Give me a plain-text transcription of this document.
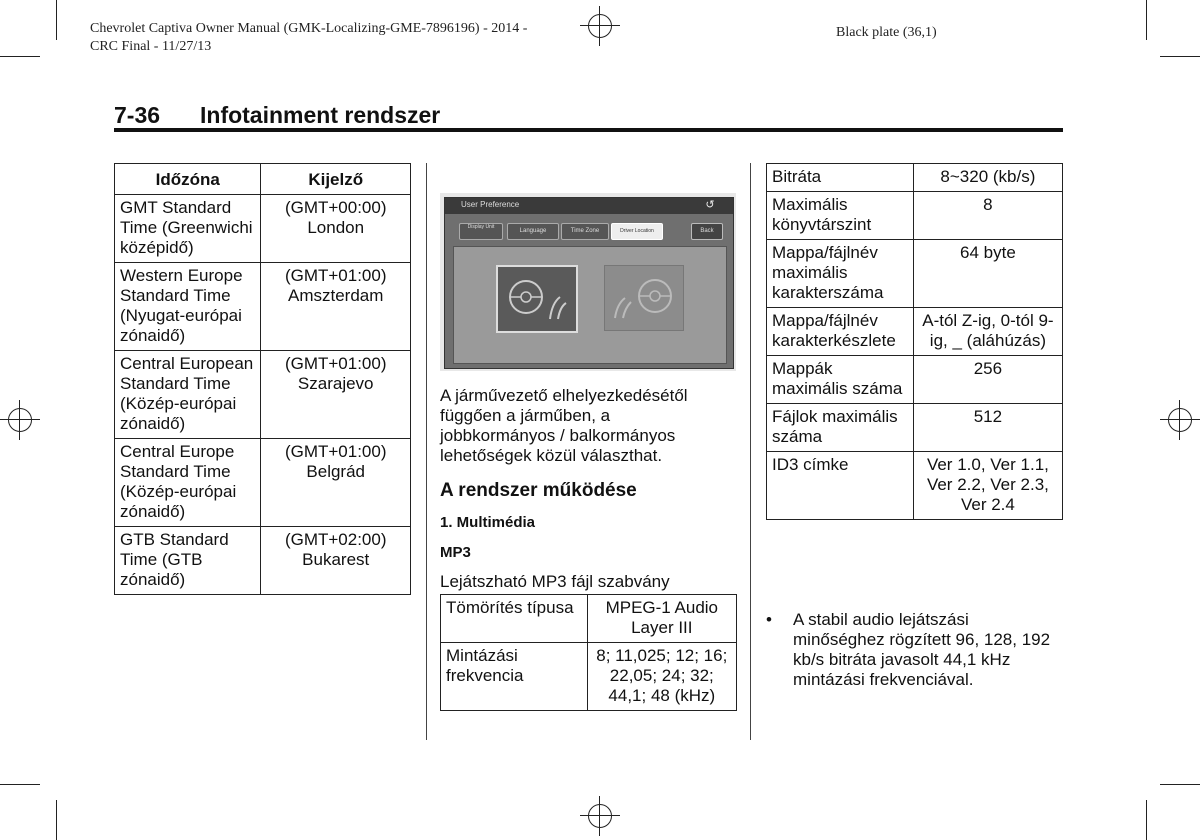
Chevrolet Captiva Owner Manual (GMK-Localizing-GME-7896196) - 2014 -
CRC Final - 11/27/13
Black plate (36,1)
7-36 Infotainment rendszer
Időzóna	Kijelző
GMT Standard Time (Greenwichi középidő)	(GMT+00:00) London
Western Europe Standard Time (Nyugat-európai zónaidő)	(GMT+01:00) Amszterdam
Central European Standard Time (Közép-európai zónaidő)	(GMT+01:00) Szarajevo
Central Europe Standard Time (Közép-európai zónaidő)	(GMT+01:00) Belgrád
GTB Standard Time (GTB zónaidő)	(GMT+02:00) Bukarest
User Preference	↺
Display Unit
Language	Time Zone	Driver Location	Back
A járművezető elhelyezkedésétől függően a járműben, a jobbkormányos / balkormányos lehetőségek közül választhat.
A rendszer működése
1. Multimédia
MP3
Lejátszható MP3 fájl szabvány
Tömörítés típusa	MPEG-1 Audio Layer III
Mintázási frekvencia	8; 11,025; 12; 16; 22,05; 24; 32; 44,1; 48 (kHz)
Bitráta	8~320 (kb/s)
Maximális könyvtárszint	8
Mappa/fájlnév maximális karakterszáma	64 byte
Mappa/fájlnév karakterkészlete	A-tól Z-ig, 0-tól 9-ig, _ (aláhúzás)
Mappák maximális száma	256
Fájlok maximális száma	512
ID3 címke	Ver 1.0, Ver 1.1, Ver 2.2, Ver 2.3, Ver 2.4
• A stabil audio lejátszási minőséghez rögzített 96, 128, 192 kb/s bitrátа javasolt 44,1 kHz mintázási frekvenciával.
